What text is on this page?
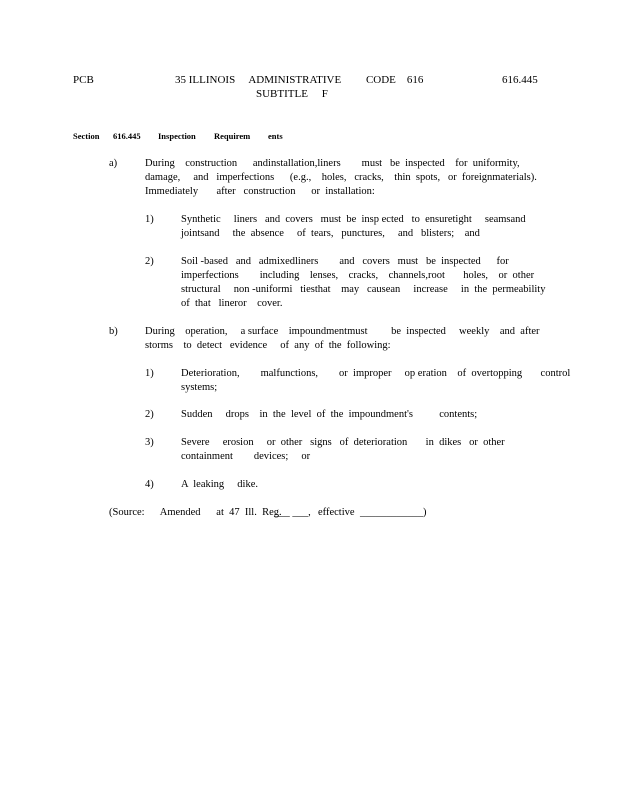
PCB	35 ILLINOIS     ADMINISTRATIVE         CODE    616
SUBTITLE     F
616.445
Section 616.445 Inspection Requirem ents
a)	During    construction      andinstallation,liners        must   be  inspected    for  uniformity,
damage,     and   imperfections      (e.g.,    holes,   cracks,    thin  spots,   or  foreignmaterials).
Immediately       after   construction      or  installation:
1)	Synthetic     liners   and  covers   must  be  insp ected   to  ensuretight     seamsand
jointsand     the  absence     of  tears,   punctures,     and   blisters;    and
2)	Soil -based   and   admixedliners        and   covers   must   be  inspected      for
imperfections        including    lenses,    cracks,    channels,root       holes,    or  other
structural     non -uniformi   tiesthat    may   causean     increase     in  the  permeability
of  that   lineror    cover.
b)	During    operation,     a surface    impoundmentmust         be  inspected     weekly    and  after
storms    to  detect   evidence     of  any  of  the  following:
1)	Deterioration,        malfunctions,        or  improper     op eration    of  overtopping       control
systems;
2)	Sudden     drops    in  the  level  of  the  impoundment's          contents;
3)	Severe     erosion     or  other   signs   of  deterioration       in  dikes   or  other
containment        devices;     or
4)	A  leaking     dike.
(Source:      Amended      at  47  Ill.  Reg.
___ ___, effective ____________)
